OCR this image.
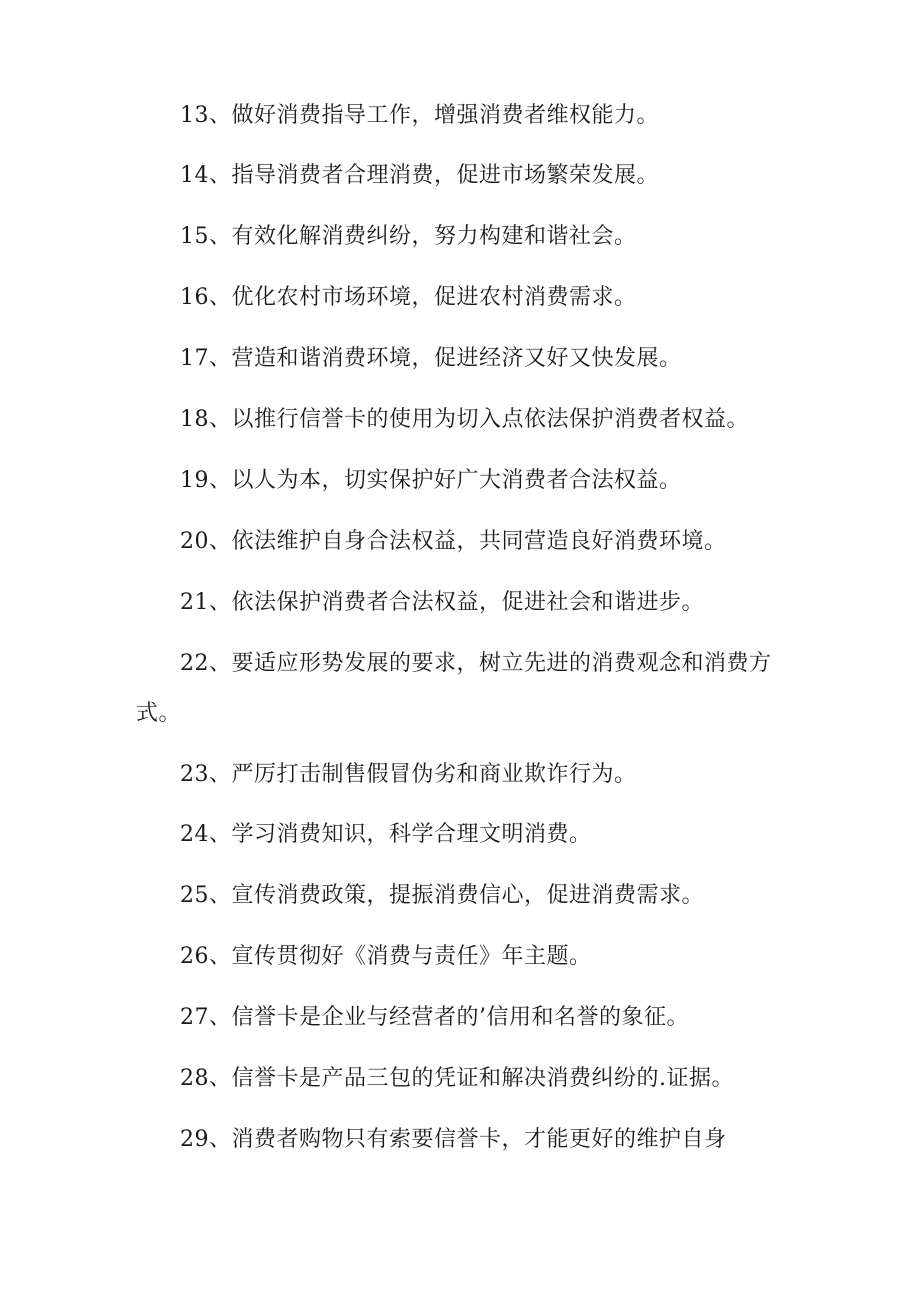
13、做好消费指导工作，增强消费者维权能力。

14、指导消费者合理消费，促进市场繁荣发展。

15、有效化解消费纠纷，努力构建和谐社会。

16、优化农村市场环境，促进农村消费需求。

17、营造和谐消费环境，促进经济又好又快发展。

18、以推行信誉卡的使用为切入点依法保护消费者权益。

19、以人为本，切实保护好广大消费者合法权益。

20、依法维护自身合法权益，共同营造良好消费环境。

21、依法保护消费者合法权益，促进社会和谐进步。

22、要适应形势发展的要求，树立先进的消费观念和消费方式。

23、严厉打击制售假冒伪劣和商业欺诈行为。

24、学习消费知识，科学合理文明消费。

25、宣传消费政策，提振消费信心，促进消费需求。

26、宣传贯彻好《消费与责任》年主题。

27、信誉卡是企业与经营者的’信用和名誉的象征。

28、信誉卡是产品三包的凭证和解决消费纠纷的.证据。

29、消费者购物只有索要信誉卡，才能更好的维护自身
